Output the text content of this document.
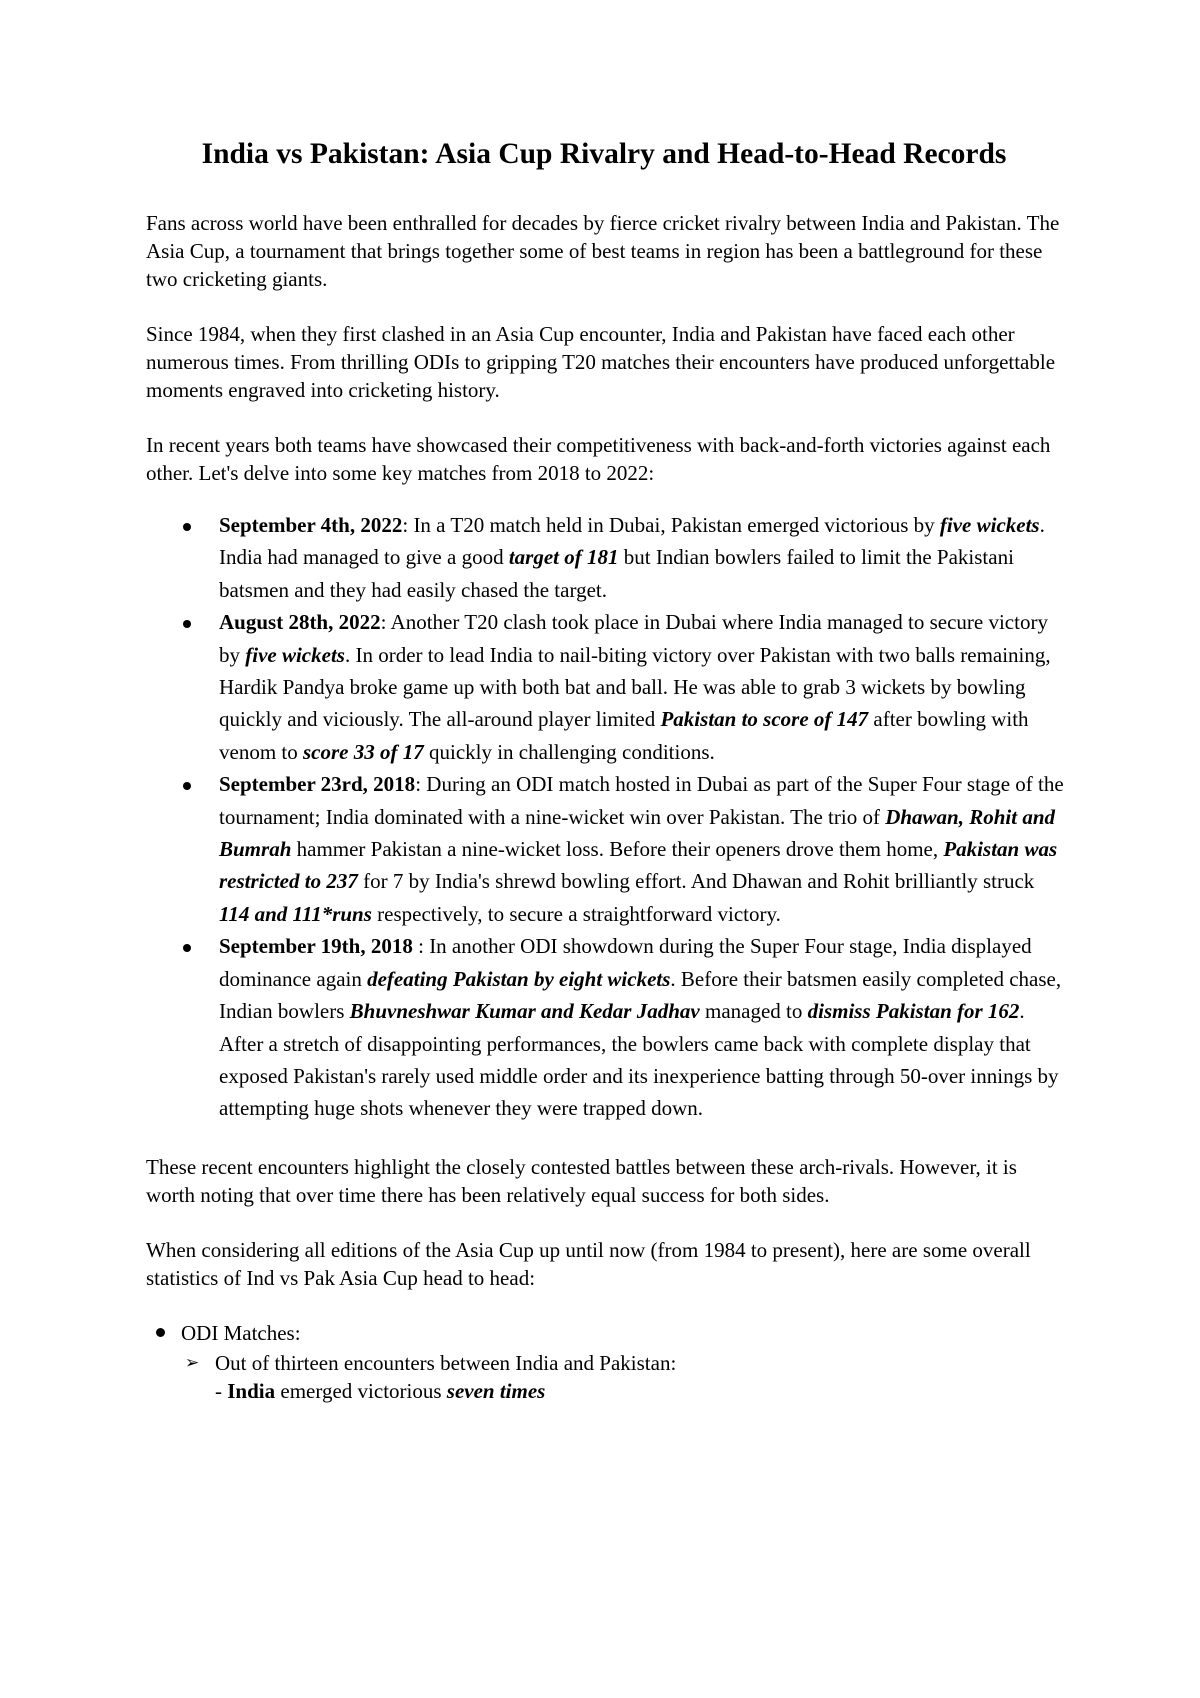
India vs Pakistan: Asia Cup Rivalry and Head-to-Head Records

Fans across world have been enthralled for decades by fierce cricket rivalry between India and Pakistan. The Asia Cup, a tournament that brings together some of best teams in region has been a battleground for these two cricketing giants.

Since 1984, when they first clashed in an Asia Cup encounter, India and Pakistan have faced each other numerous times. From thrilling ODIs to gripping T20 matches their encounters have produced unforgettable moments engraved into cricketing history.

In recent years both teams have showcased their competitiveness with back-and-forth victories against each other. Let's delve into some key matches from 2018 to 2022:

September 4th, 2022: In a T20 match held in Dubai, Pakistan emerged victorious by five wickets. India had managed to give a good target of 181 but Indian bowlers failed to limit the Pakistani batsmen and they had easily chased the target.
August 28th, 2022: Another T20 clash took place in Dubai where India managed to secure victory by five wickets. In order to lead India to nail-biting victory over Pakistan with two balls remaining, Hardik Pandya broke game up with both bat and ball. He was able to grab 3 wickets by bowling quickly and viciously. The all-around player limited Pakistan to score of 147 after bowling with venom to score 33 of 17 quickly in challenging conditions.
September 23rd, 2018: During an ODI match hosted in Dubai as part of the Super Four stage of the tournament; India dominated with a nine-wicket win over Pakistan. The trio of Dhawan, Rohit and Bumrah hammer Pakistan a nine-wicket loss. Before their openers drove them home, Pakistan was restricted to 237 for 7 by India's shrewd bowling effort. And Dhawan and Rohit brilliantly struck 114 and 111*runs respectively, to secure a straightforward victory.
September 19th, 2018 : In another ODI showdown during the Super Four stage, India displayed dominance again defeating Pakistan by eight wickets. Before their batsmen easily completed chase, Indian bowlers Bhuvneshwar Kumar and Kedar Jadhav managed to dismiss Pakistan for 162. After a stretch of disappointing performances, the bowlers came back with complete display that exposed Pakistan's rarely used middle order and its inexperience batting through 50-over innings by attempting huge shots whenever they were trapped down.

These recent encounters highlight the closely contested battles between these arch-rivals. However, it is worth noting that over time there has been relatively equal success for both sides.

When considering all editions of the Asia Cup up until now (from 1984 to present), here are some overall statistics of Ind vs Pak Asia Cup head to head:

ODI Matches:
➢ Out of thirteen encounters between India and Pakistan:
- India emerged victorious seven times
